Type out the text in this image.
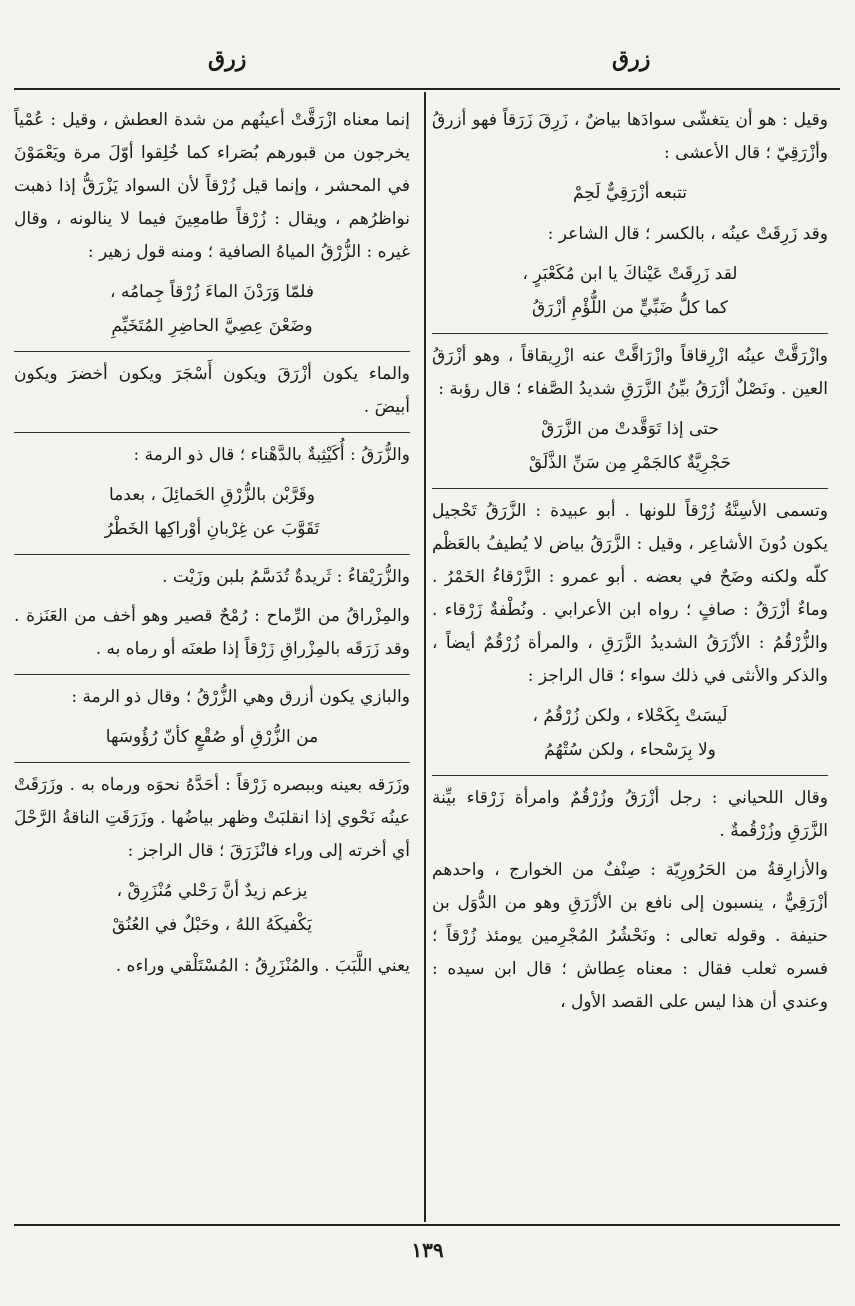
زرق
زرق

وقيل : هو أن يتغشّى سوادَها بياضٌ ، زَرِقَ زَرَقاً فهو أزرقُ وأزْرَقِيّ ؛ قال الأعشى :

تتبعه أزْرَقِيٌّ لَحِمْ

وقد زَرِقَتْ عينُه ، بالكسر ؛ قال الشاعر :

لقد زَرِقَتْ عَيْناكَ يا ابن مُكَعْبَرٍ ،
كما كلُّ ضَبِّيٍّ من اللُّؤْمِ أزْرَقُ

وازْرَقَّتْ عينُه ازْرِقاقاً وازْرَاقَّتْ عنه ازْرِيقاقاً ، وهو أزْرَقُ العين . ونَصْلٌ أزْرَقُ بيِّنُ الزَّرَقِ شديدُ الصَّفاء ؛ قال رؤبة :

حتى إذا تَوَقَّدتْ من الزَّرَقْ
حَجْرِيَّةٌ كالجَمْرِ مِن سَنِّ الذَّلَقْ

وتسمى الأسِنَّةُ زُرْقاً للونها . أبو عبيدة : الزَّرَقُ تَحْجيل يكون دُونَ الأشاعِر ، وقيل : الزَّرَقُ بياض لا يُطيفُ بالعَظْم كلّه ولكنه وضَحٌ في بعضه . أبو عمرو : الزَّرْقاءُ الخَمْرُ . وماءٌ أزْرَقُ : صافٍ ؛ رواه ابن الأعرابي . ونُطْفةٌ زَرْقاء . والزُّرْقُمُ : الأزْرَقُ الشديدُ الزَّرَقِ ، والمرأة زُرْقُمٌ أيضاً ، والذكر والأنثى في ذلك سواء ؛ قال الراجز :

لَيسَتْ بِكَحْلاء ، ولكن زُرْقُمُ ،
ولا بِرَسْحاء ، ولكن سُتْهُمُ

وقال اللحياني : رجل أزْرَقُ وزُرْقُمٌ وامرأة زَرْقاء بيِّنة الزَّرَقِ وزُرْقُمةٌ .

والأزارِقةُ من الحَرُورِيّة : صِنْفٌ من الخوارج ، واحدهم أزْرَقِيٌّ ، ينسبون إلى نافع بن الأزْرَقِ وهو من الدُّوَل بن حنيفة . وقوله تعالى : ونَحْشُرُ المُجْرِمين يومئذ زُرْقاً ؛ فسره ثعلب فقال : معناه عِطاش ؛ قال ابن سيده : وعندي أن هذا ليس على القصد الأول ،

إنما معناه ازْرَقَّتْ أعينُهم من شدة العطش ، وقيل : عُمْياً يخرجون من قبورهم بُصَراء كما خُلِقوا أوّلَ مرة ويَعْمَوْنَ في المحشر ، وإنما قيل زُرْقاً لأن السواد يَزْرَقُّ إذا ذهبت نواظرُهم ، ويقال : زُرْقاً طامعِينَ فيما لا ينالونه ، وقال غيره : الزُّرْقُ المياهُ الصافية ؛ ومنه قول زهير :

فلمّا وَرَدْنَ الماءَ زُرْقاً جِمامُه ،
وضَعْنَ عِصِيَّ الحاضِرِ المُتَخَيِّمِ

والماء يكون أزْرَقَ ويكون أَسْجَرَ ويكون أخضرَ ويكون أبيضَ .

والزُّرَقُ : أُكَيْثِبةٌ بالدَّهْناء ؛ قال ذو الرمة :

وقَرَّبْن بالزُّرْقِ الحَمائِلَ ، بعدما
تَقَوَّبَ عن غِرْبانِ أوْراكِها الخَطْرُ

والزُّرَيْقاءُ : ثَريدةٌ تُدَسَّمُ بلبن وزَيْت .

والمِزْراقُ من الرِّماح : رُمْحٌ قصير وهو أخف من العَنَزة . وقد زَرَقَه بالمِزْراقِ زَرْقاً إذا طعنَه أو رماه به .

والبازي يكون أزرق وهي الزُّرْقُ ؛ وقال ذو الرمة :

من الزُّرْقِ أو صُقْعٍ كأنّ رُؤُوسَها

وزَرَقه بعينه وببصره زَرْقاً : أحَدَّهُ نحوَه ورماه به . وزَرَقَتْ عينُه نَحْوي إذا انقلبَتْ وظهر بياضُها . وزَرَقَتِ الناقةُ الرَّحْلَ أي أخرته إلى وراء فانْزَرَقَ ؛ قال الراجز :

يزعم زيدٌ أنَّ رَحْلي مُنْزَرِقْ ،
يَكْفيكَهُ اللهُ ، وحَبْلٌ في العُنُقْ

يعني اللَّبَبَ . والمُنْزَرِقُ : المُسْتَلْقي وراءه .

١٣٩
